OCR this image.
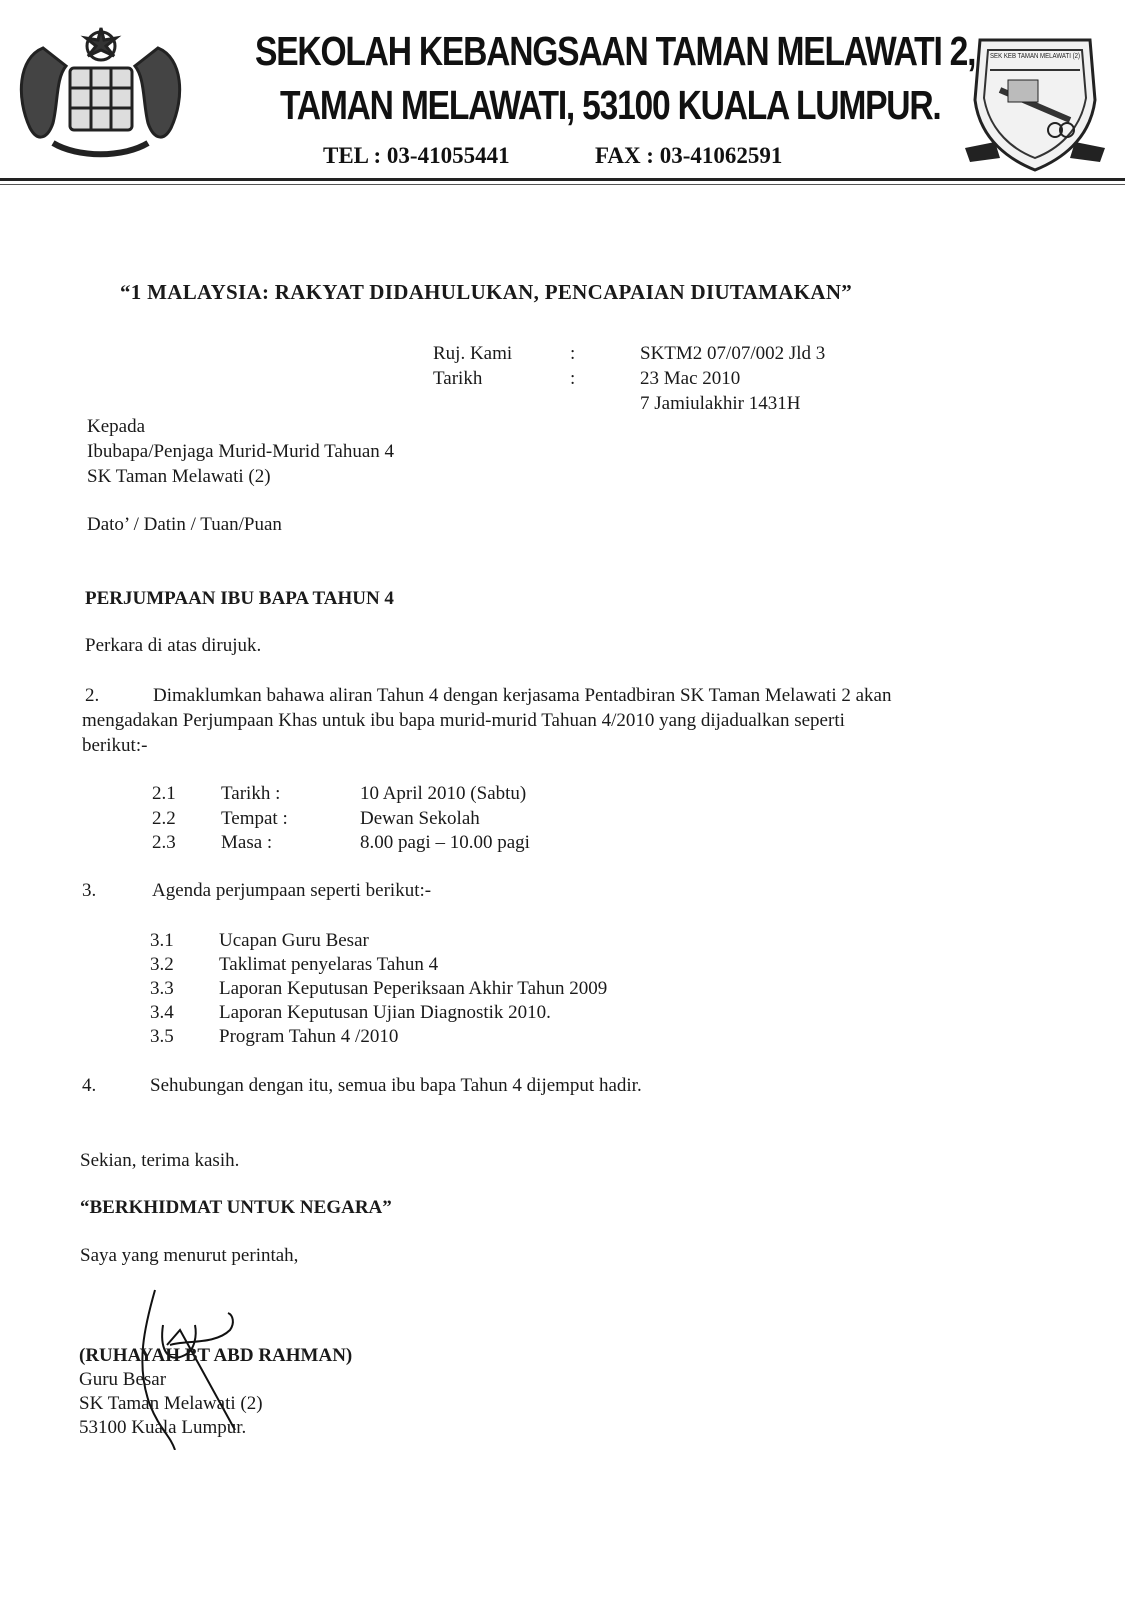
SEKOLAH KEBANGSAAN TAMAN MELAWATI 2,
TAMAN MELAWATI, 53100 KUALA LUMPUR.
TEL : 03-41055441	FAX : 03-41062591
SEK KEB TAMAN MELAWATI (2)
“1 MALAYSIA: RAKYAT DIDAHULUKAN, PENCAPAIAN DIUTAMAKAN”
Ruj. Kami	:	SKTM2 07/07/002 Jld 3
Tarikh	:	23 Mac 2010
7 Jamiulakhir 1431H
Kepada
Ibubapa/Penjaga Murid-Murid Tahuan 4
SK Taman Melawati (2)
Dato’ / Datin / Tuan/Puan
PERJUMPAAN IBU BAPA TAHUN 4
Perkara di atas dirujuk.
2.	Dimaklumkan bahawa aliran Tahun 4 dengan kerjasama Pentadbiran SK Taman Melawati 2 akan
mengadakan Perjumpaan Khas untuk ibu bapa murid-murid Tahuan 4/2010 yang dijadualkan seperti
berikut:-
2.1 Tarikh :	10 April 2010 (Sabtu)
2.2 Tempat :	Dewan Sekolah
2.3 Masa :	8.00 pagi – 10.00 pagi
3.	Agenda perjumpaan seperti berikut:-
3.1 Ucapan Guru Besar
3.2 Taklimat penyelaras Tahun 4
3.3 Laporan Keputusan Peperiksaan Akhir Tahun 2009
3.4 Laporan Keputusan Ujian Diagnostik 2010.
3.5 Program Tahun 4 /2010
4.	Sehubungan dengan itu, semua ibu bapa Tahun 4 dijemput hadir.
Sekian, terima kasih.
“BERKHIDMAT UNTUK NEGARA”
Saya yang menurut perintah,
(RUHAYAH BT ABD RAHMAN)
Guru Besar
SK Taman Melawati (2)
53100 Kuala Lumpur.
